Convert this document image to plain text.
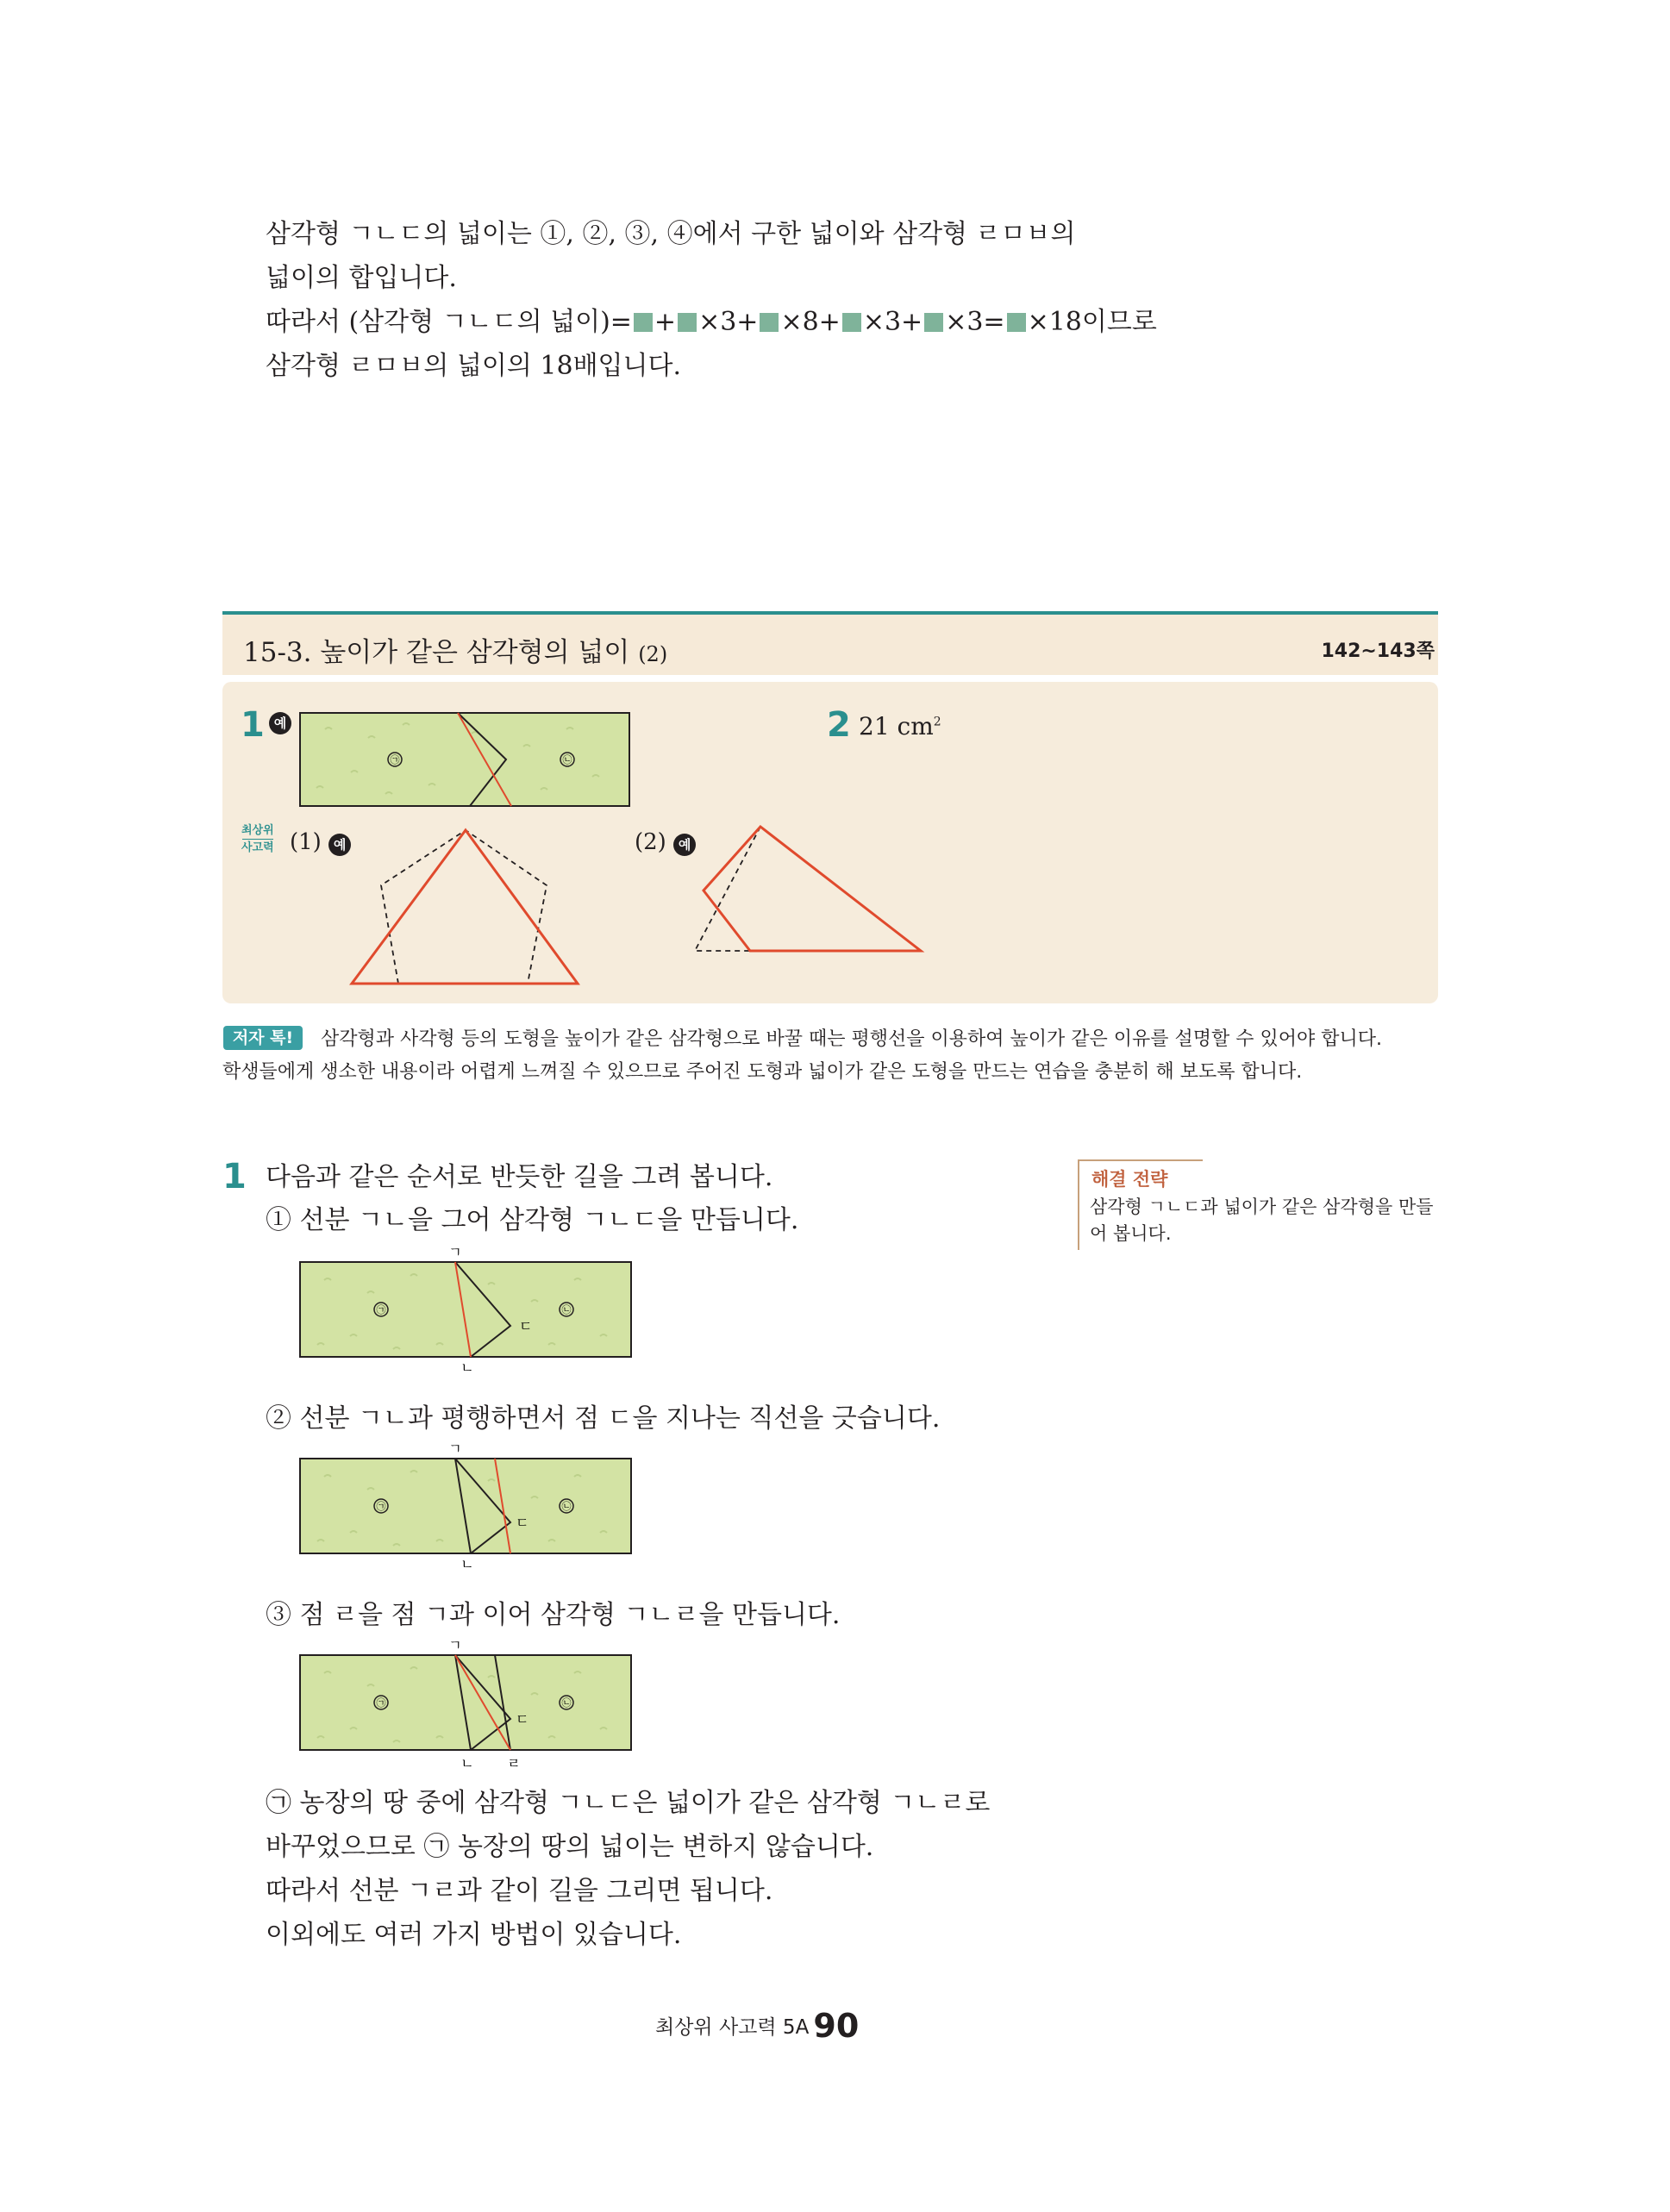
삼각형 ㄱㄴㄷ의 넓이는 ①, ②, ③, ④에서 구한 넓이와 삼각형 ㄹㅁㅂ의

넓이의 합입니다.

따라서 (삼각형 ㄱㄴㄷ의 넓이)= + ×3+ ×8+ ×3+ ×3= ×18이므로

삼각형 ㄹㅁㅂ의 넓이의 18배입니다.

15-3. 높이가 같은 삼각형의 넓이 (2)	142~143쪽
1 예
㉠	㉡
2 21 $cm^2$
최상위
사고력 (1) 예	(2) 예
저자 톡!	삼각형과 사각형 등의 도형을 높이가 같은 삼각형으로 바꿀 때는 평행선을 이용하여 높이가 같은 이유를 설명할 수 있어야 합니다.
학생들에게 생소한 내용이라 어렵게 느껴질 수 있으므로 주어진 도형과 넓이가 같은 도형을 만드는 연습을 충분히 해 보도록 합니다.
1 다음과 같은 순서로 반듯한 길을 그려 봅니다.
① 선분 ㄱㄴ을 그어 삼각형 ㄱㄴㄷ을 만듭니다.
해결 전략
삼각형 ㄱㄴㄷ과 넓이가 같은 삼각형을 만들어 봅니다.
ㄱ
ㄴ
ㄷ
㉠	㉡
② 선분 ㄱㄴ과 평행하면서 점 ㄷ을 지나는 직선을 긋습니다.
ㄱ
ㄴ
ㄷ
㉠	㉡
③ 점 ㄹ을 점 ㄱ과 이어 삼각형 ㄱㄴㄹ을 만듭니다.
ㄱ
ㄴ ㄹ
ㄷ
㉠	㉡

㉠ 농장의 땅 중에 삼각형 ㄱㄴㄷ은 넓이가 같은 삼각형 ㄱㄴㄹ로

바꾸었으므로 ㉠ 농장의 땅의 넓이는 변하지 않습니다.

따라서 선분 ㄱㄹ과 같이 길을 그리면 됩니다.

이외에도 여러 가지 방법이 있습니다.

최상위 사고력 5A 90
